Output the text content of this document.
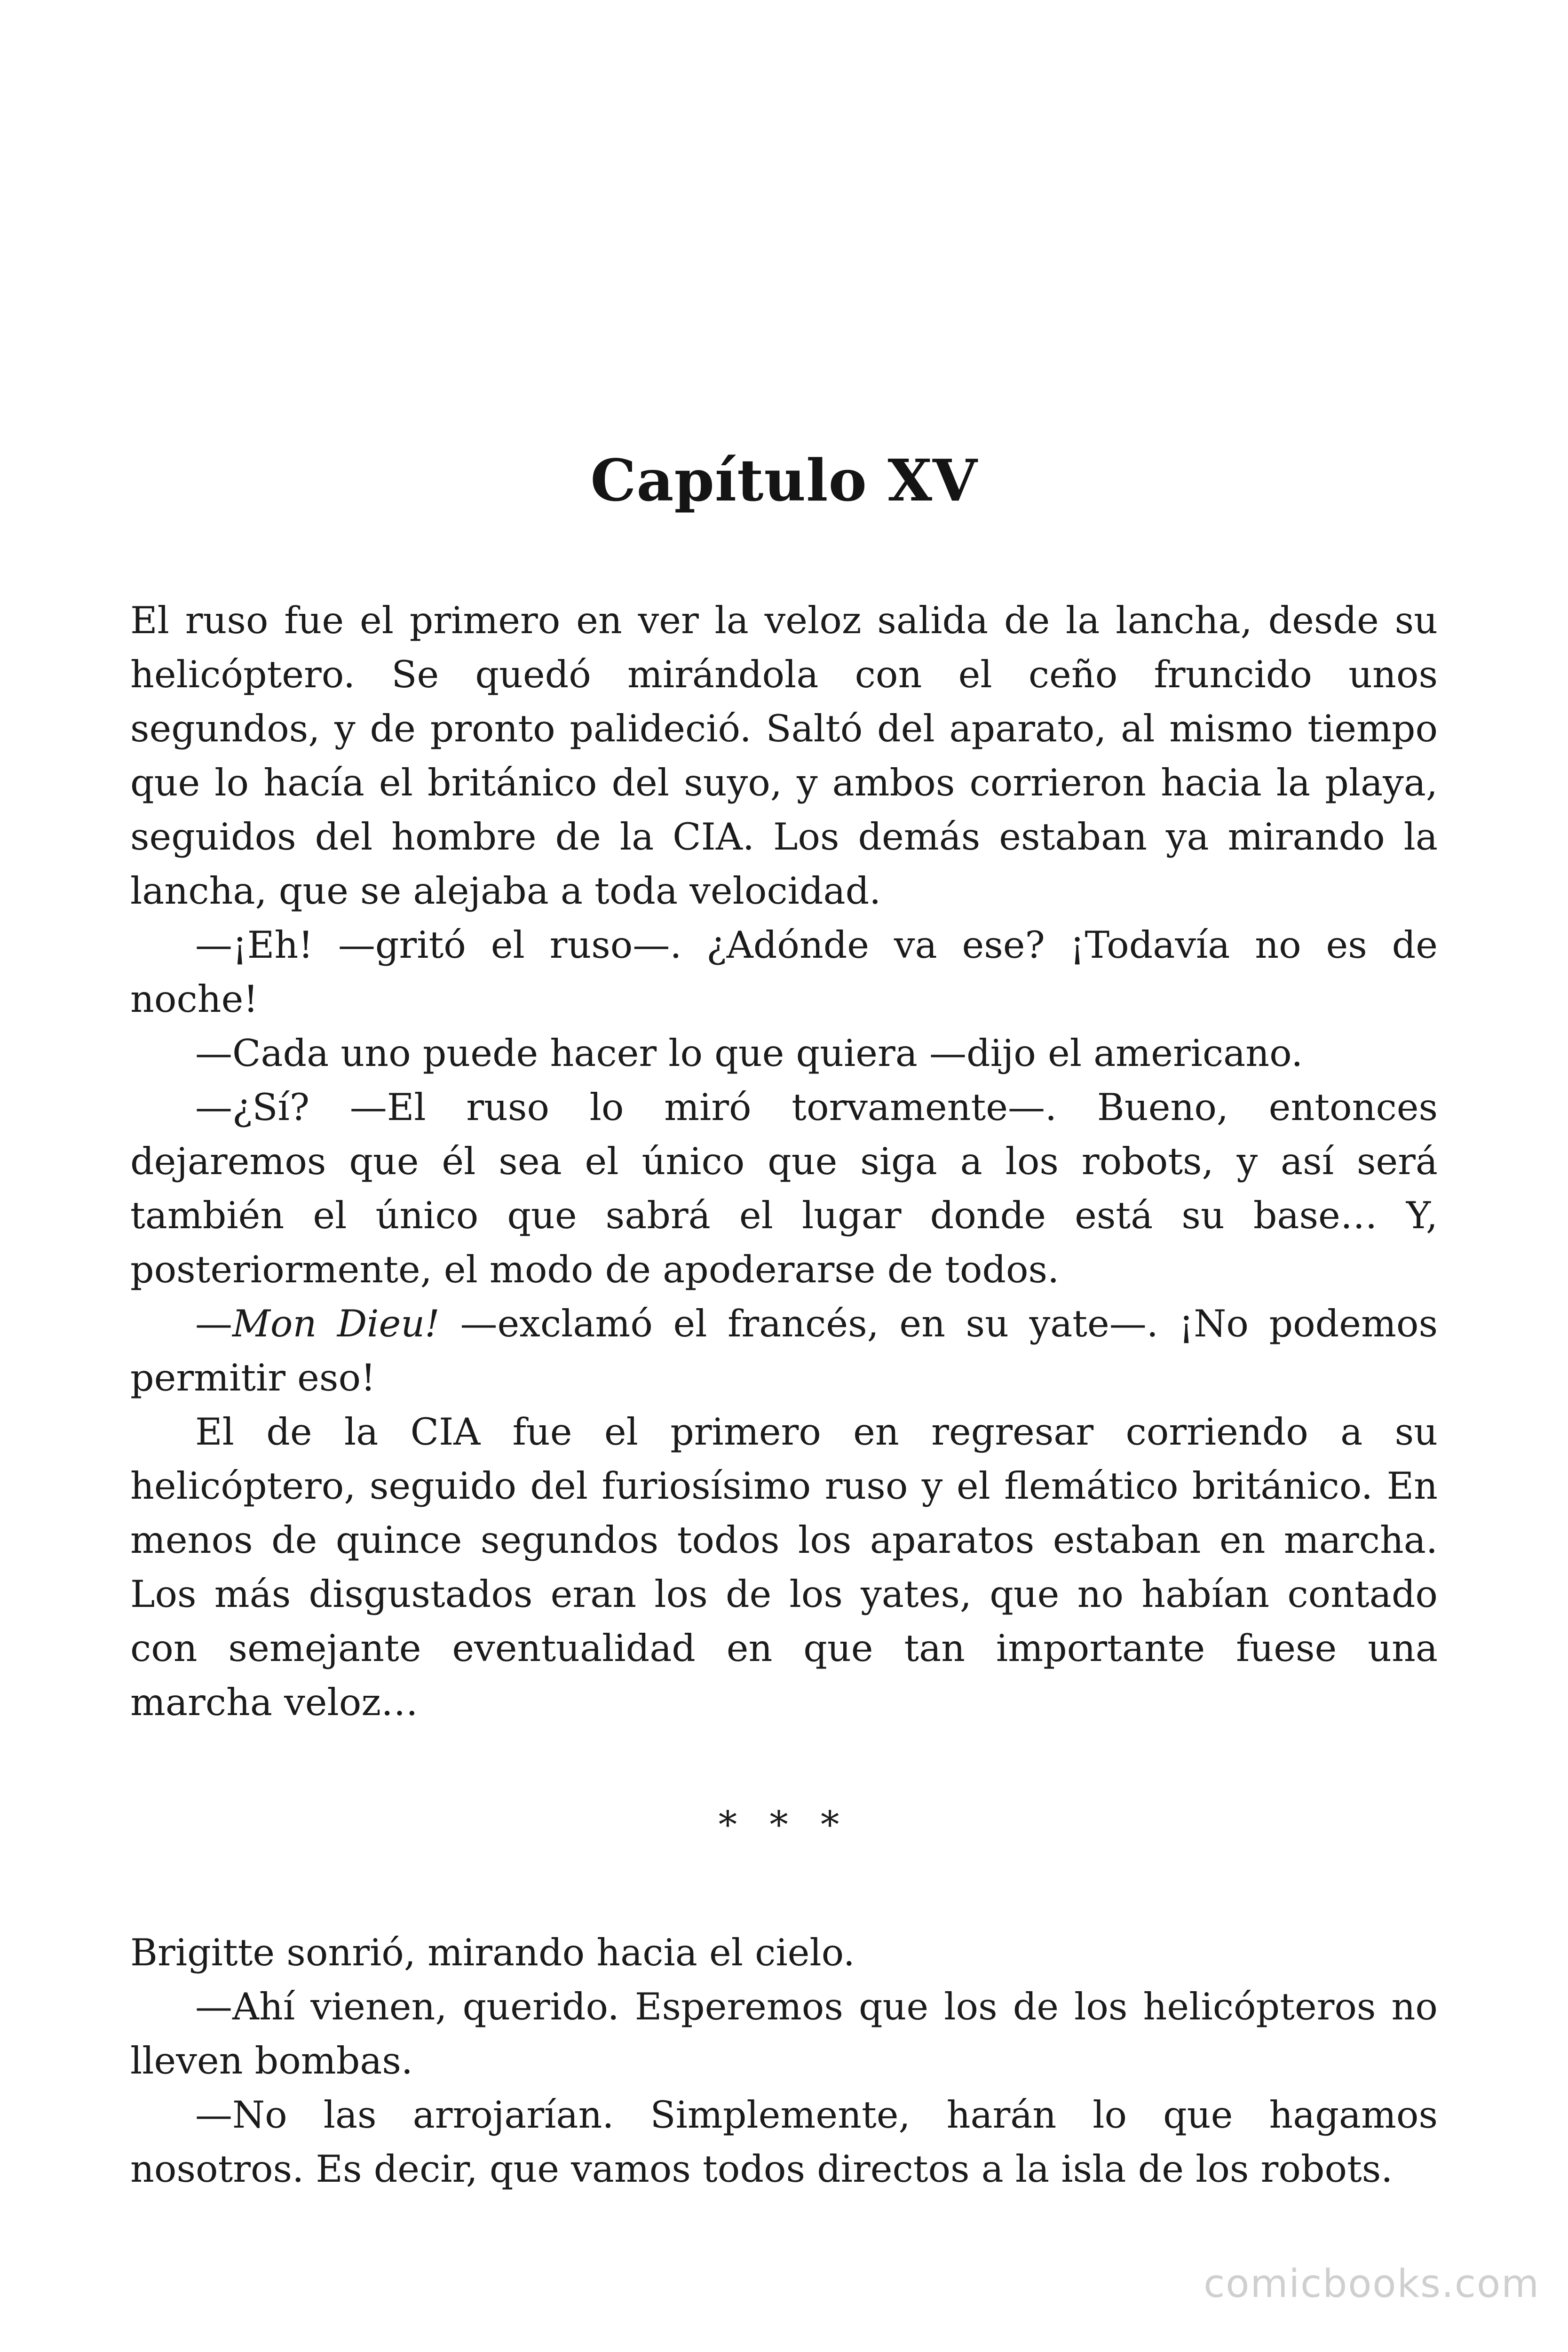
Capítulo XV

El ruso fue el primero en ver la veloz salida de la lancha, desde su helicóptero. Se quedó mirándola con el ceño fruncido unos segundos, y de pronto palideció. Saltó del aparato, al mismo tiempo que lo hacía el británico del suyo, y ambos corrieron hacia la playa, seguidos del hombre de la CIA. Los demás estaban ya mirando la lancha, que se alejaba a toda velocidad.

—¡Eh! —gritó el ruso—. ¿Adónde va ese? ¡Todavía no es de noche!

—Cada uno puede hacer lo que quiera —dijo el americano.

—¿Sí? —El ruso lo miró torvamente—. Bueno, entonces dejaremos que él sea el único que siga a los robots, y así será también el único que sabrá el lugar donde está su base… Y, posteriormente, el modo de apoderarse de todos.

—Mon Dieu! —exclamó el francés, en su yate—. ¡No podemos permitir eso!

El de la CIA fue el primero en regresar corriendo a su helicóptero, seguido del furiosísimo ruso y el flemático británico. En menos de quince segundos todos los aparatos estaban en marcha. Los más disgustados eran los de los yates, que no habían contado con semejante eventualidad en que tan importante fuese una marcha veloz…

* * *

Brigitte sonrió, mirando hacia el cielo.

—Ahí vienen, querido. Esperemos que los de los helicópteros no lleven bombas.

—No las arrojarían. Simplemente, harán lo que hagamos nosotros. Es decir, que vamos todos directos a la isla de los robots.

comicbooks.com
